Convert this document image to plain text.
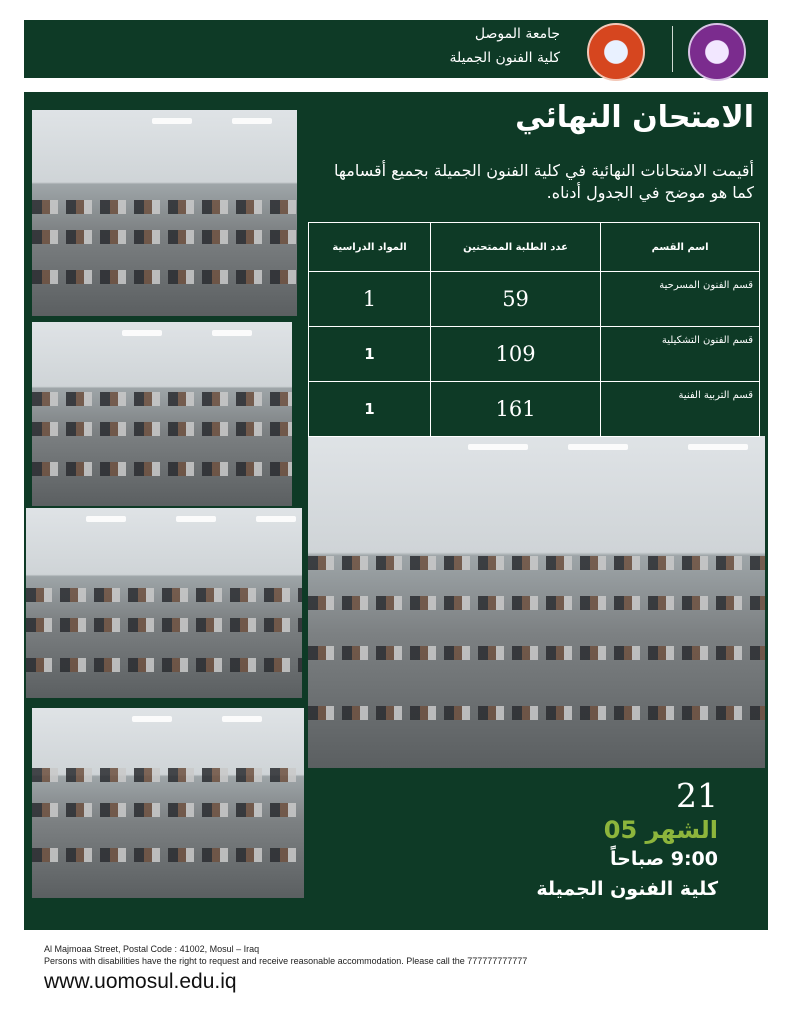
جامعة الموصل
كلية الفنون الجميلة
الامتحان النهائي
أقيمت الامتحانات النهائية في كلية الفنون الجميلة بجميع أقسامها كما هو موضح في الجدول أدناه.
اسم القسم	عدد الطلبة الممتحنين	المواد الدراسية
قسم الفنون المسرحية	59	1
قسم الفنون التشكيلية	109	1
قسم التربية الفنية	161	1
21
الشهر 05
9:00 صباحاً
كلية الفنون الجميلة
Al Majmoaa Street, Postal Code : 41002, Mosul – Iraq
Persons with disabilities have the right to request and receive reasonable accommodation. Please call the 777777777777
www.uomosul.edu.iq
